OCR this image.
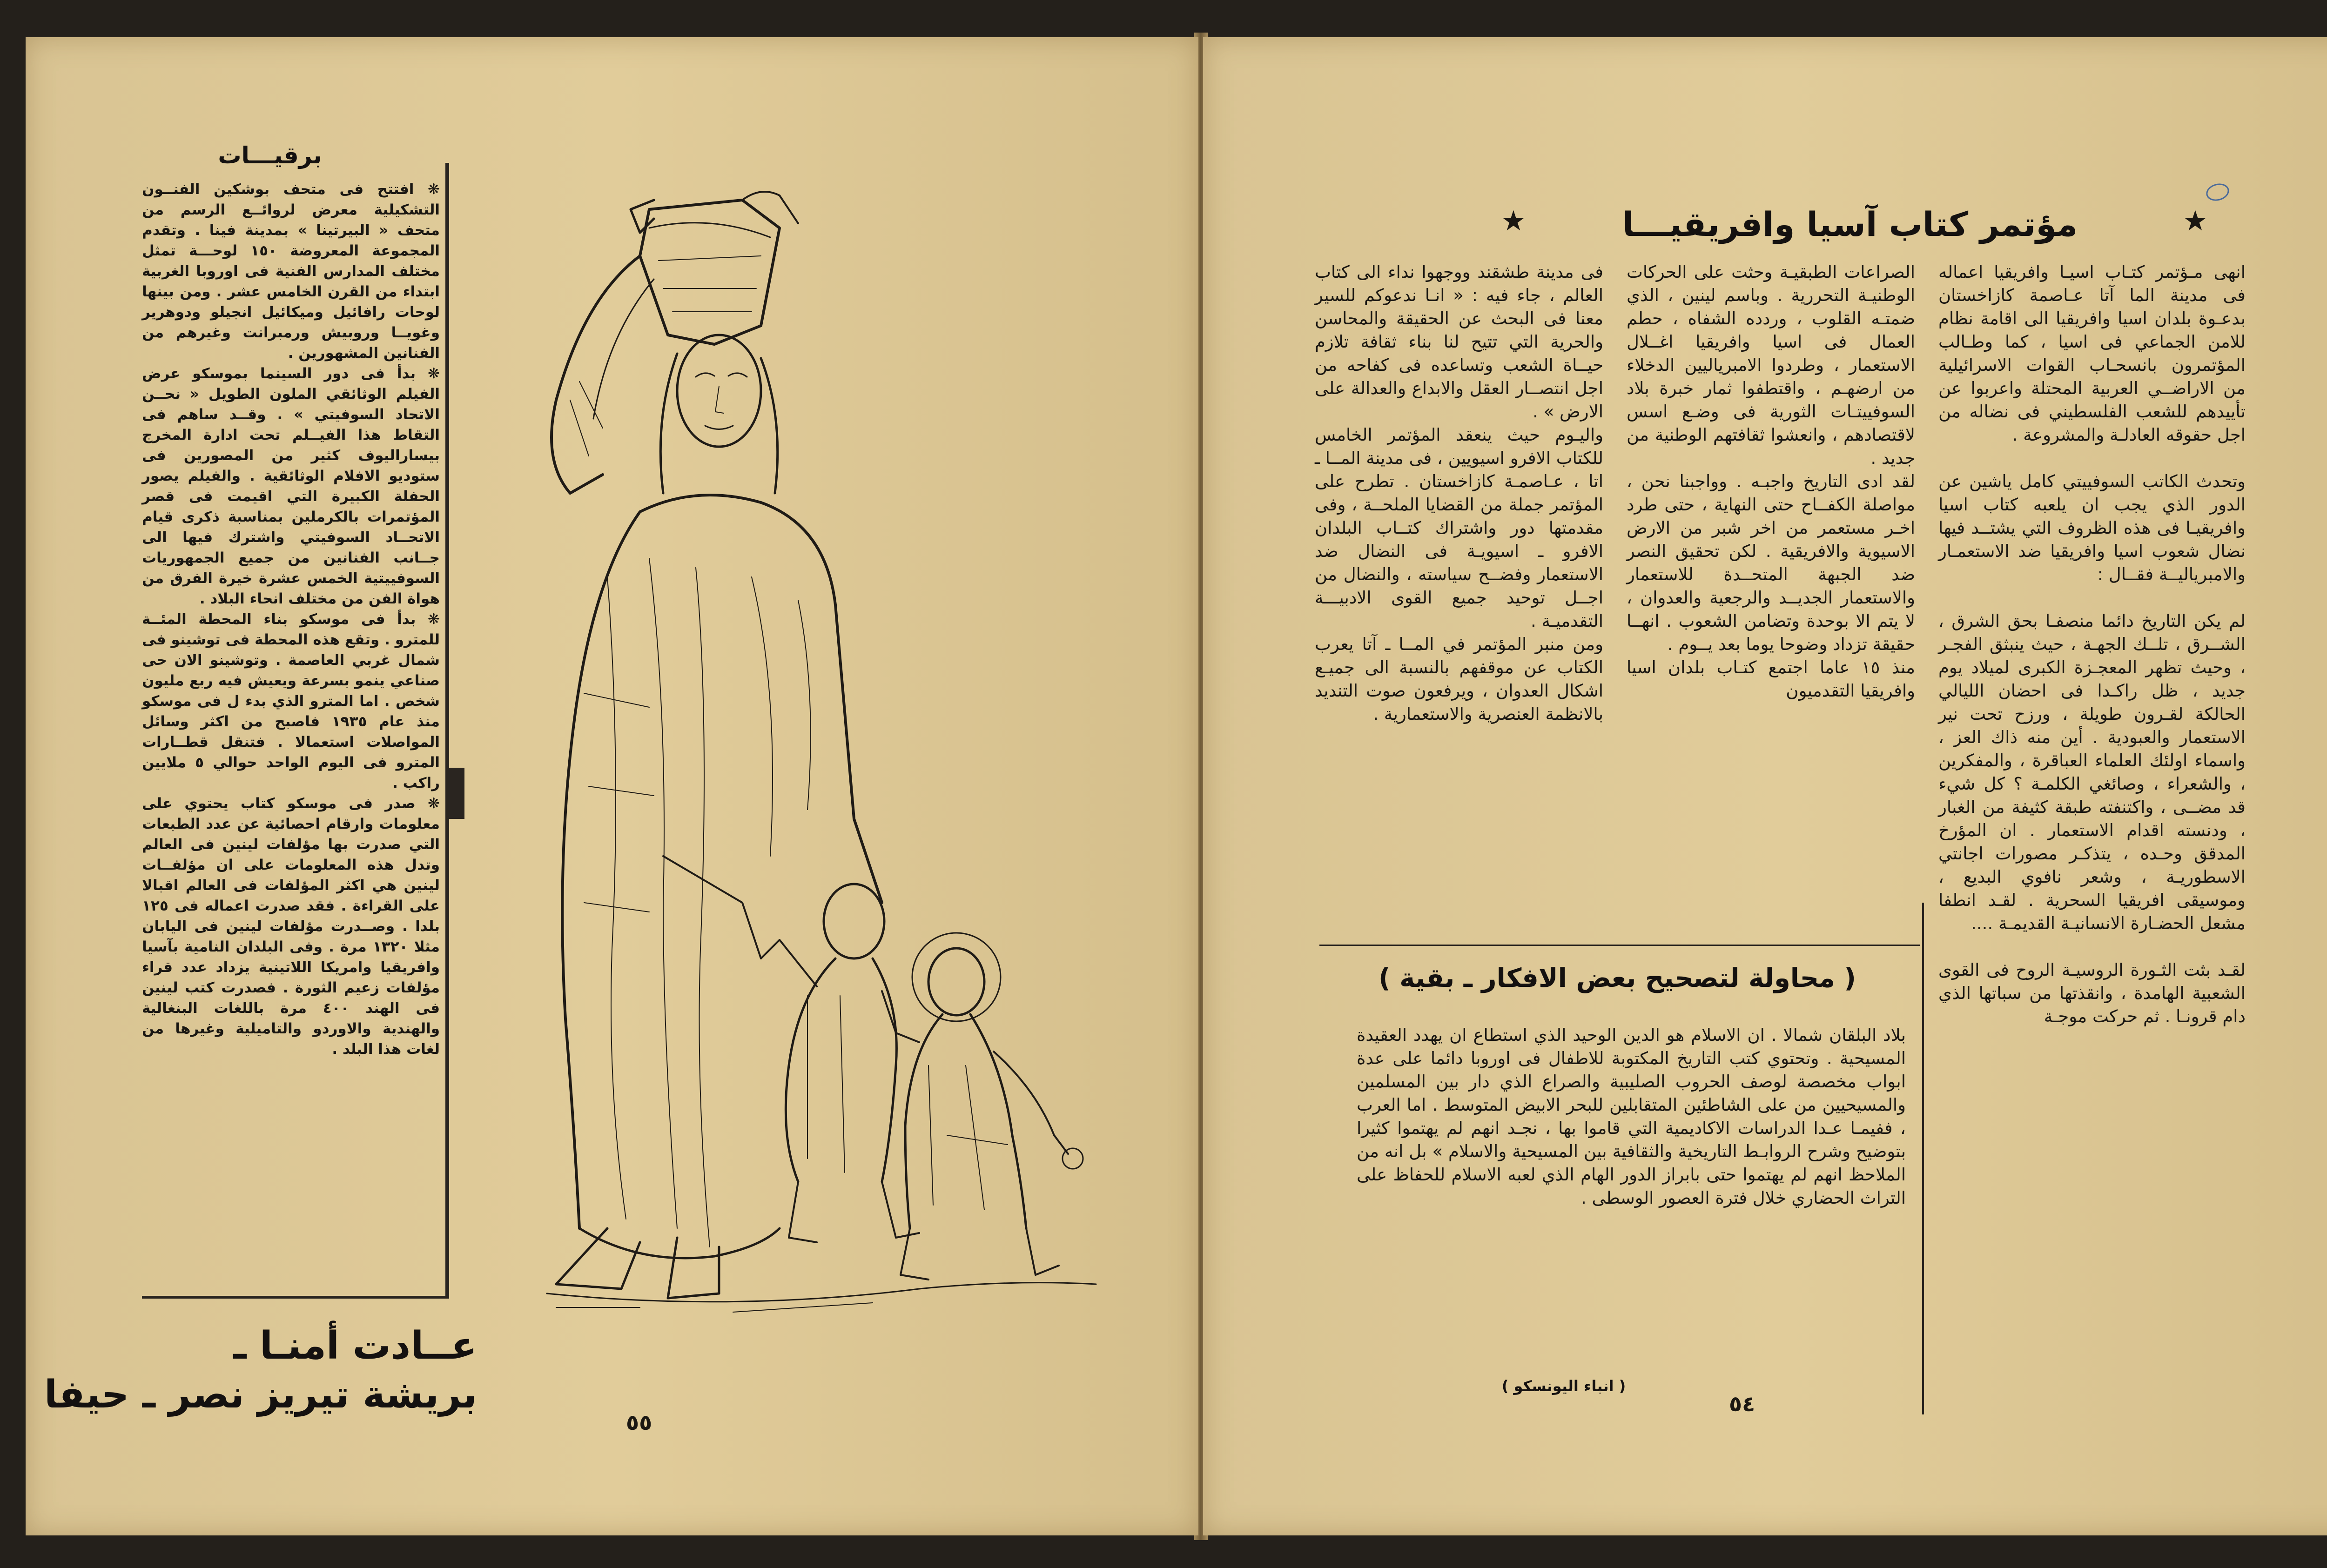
عــادت أمنـا ـ
بريشة تيريز نصر ـ حيفا
برقيـــات
❋ افتتح فى متحف بوشكين الفنــون التشكيلية معرض لروائــع الرسم من متحف « البيرتينا » بمدينة فينا . وتقدم المجموعة المعروضة ١٥٠ لوحـــة تمثل مختلف المدارس الفنية فى اوروبا الغربية ابتداء من القرن الخامس عشر . ومن بينها لوحات رافائيل وميكائيل انجيلو ودوهرير وغويــا وروبيش ورمبرانت وغيرهم من الفنانين المشهورين .
❋ بدأ فى دور السينما بموسكو عرض الفيلم الوثائقي الملون الطويل « نحــن الاتحاد السوفيتي » . وقــد ساهم فى التقاط هذا الفيــلم تحت ادارة المخرج بيساراليوف كثير من المصورين فى ستوديو الافلام الوثائقية . والفيلم يصور الحفلة الكبيرة التي اقيمت فى قصر المؤتمرات بالكرملين بمناسبة ذكرى قيام الاتحــاد السوفيتي واشترك فيها الى جــانب الفنانين من جميع الجمهوريات السوفييتية الخمس عشرة خيرة الفرق من هواة الفن من مختلف انحاء البلاد .
❋ بدأ فى موسكو بناء المحطة المئــة للمترو . وتقع هذه المحطة فى توشينو فى شمال غربي العاصمة . وتوشينو الان حى صناعي ينمو بسرعة ويعيش فيه ربع مليون شخص . اما المترو الذي بدء ل فى موسكو منذ عام ١٩٣٥ فاصبح من اكثر وسائل المواصلات استعمالا . فتنقل قطــارات المترو فى اليوم الواحد حوالي ٥ ملايين راكب .
❋ صدر فى موسكو كتاب يحتوي على معلومات وارقام احصائية عن عدد الطبعات التي صدرت بها مؤلفات لينين فى العالم وتدل هذه المعلومات على ان مؤلفــات لينين هي اكثر المؤلفات فى العالم اقبالا على القراءة . فقد صدرت اعماله فى ١٢٥ بلدا . وصــدرت مؤلفات لينين فى اليابان مثلا ١٣٢٠ مرة . وفى البلدان النامية بآسيا وافريقيا وامريكا اللاتينية يزداد عدد قراء مؤلفات زعيم الثورة . فصدرت كتب لينين فى الهند ٤٠٠ مرة باللغات البنغالية والهندية والاوردو والتاميلية وغيرها من لغات هذا البلد .
٥٥
★	مؤتمر كتاب آسيا وافريقيـــا	★
انهى مـؤتمر كتـاب اسيـا وافريقيا اعماله فى مدينة الما آتا عـاصمة كازاخستان بدعـوة بلدان اسيا وافريقيا الى اقامة نظام للامن الجماعي فى اسيا ، كما وطـالب المؤتمرون بانسحـاب القوات الاسرائيلية من الاراضــي العربية المحتلة واعربوا عن تأييدهم للشعب الفلسطيني فى نضاله من اجل حقوقه العادلـة والمشروعة .

وتحدث الكاتب السوفييتي كامل ياشين عن الدور الذي يجب ان يلعبه كتاب اسيا وافريقيـا فى هذه الظروف التي يشتــد فيها نضال شعوب اسيا وافريقيا ضد الاستعمـار والامبرياليــة فقــال :

لم يكن التاريخ دائما منصفـا بحق الشرق ، الشــرق ، تلــك الجهـة ، حيث ينبثق الفجـر ، وحيث تظهر المعجـزة الكبرى لميلاد يوم جديد ، ظل راكـدا فى احضان الليالي الحالكة لقـرون طويلة ، ورزح تحت نير الاستعمار والعبودية . أين منه ذاك العز ، واسماء اولئك العلماء العباقرة ، والمفكرين ، والشعراء ، وصائغي الكلمـة ؟ كل شيء قد مضــى ، واكتنفته طبقة كثيفة من الغبار ، ودنسته اقدام الاستعمار . ان المؤرخ المدقق وحـده ، يتذكـر مصورات اجانتي الاسطوريـة ، وشعر نافوي البديع ، وموسيقى افريقيا السحرية . لقـد انطفا مشعل الحضـارة الانسانيـة القديمـة ....

لقـد بثت الثـورة الروسيـة الروح فى القوى الشعبية الهامدة ، وانقذتها من سباتها الذي دام قرونـا . ثم حركت موجـة
الصراعات الطبقيـة وحثت على الحركات الوطنيـة التحررية . وباسم لينين ، الذي ضمتـه القلوب ، وردده الشفاه ، حطم العمال فى اسيا وافريقيا اغــلال الاستعمار ، وطردوا الامبرياليين الدخلاء من ارضهـم ، واقتطفوا ثمار خبرة بلاد السوفييتـات الثورية فى وضـع اسس لاقتصادهم ، وانعشوا ثقافتهم الوطنية من جديد .
لقد ادى التاريخ واجبـه . وواجبنا نحن ، مواصلة الكفــاح حتى النهاية ، حتى طرد اخـر مستعمر من اخر شبر من الارض الاسيوية والافريقية . لكن تحقيق النصر ضد الجبهة المتحــدة للاستعمار والاستعمار الجديــد والرجعية والعدوان ، لا يتم الا بوحدة وتضامن الشعوب . انهــا حقيقة تزداد وضوحا يوما بعد يــوم .
منذ ١٥ عاما اجتمع كتـاب بلدان اسيا وافريقيا التقدميون
فى مدينة طشقند ووجهوا نداء الى كتاب العالم ، جاء فيه : « انـا ندعوكم للسير معنا فى البحث عن الحقيقة والمحاسن والحرية التي تتيح لنا بناء ثقافة تلازم حيــاة الشعب وتساعده فى كفاحه من اجل انتصــار العقل والابداع والعدالة على الارض » .
واليـوم حيث ينعقد المؤتمر الخامس للكتاب الافرو اسيويين ، فى مدينة المــا ـ اتا ، عـاصمـة كازاخستان . تطرح على المؤتمر جملة من القضايا الملحــة ، وفى مقدمتها دور واشتراك كتــاب البلدان الافرو ـ اسيويـة فى النضال ضد الاستعمار وفضــح سياسته ، والنضال من اجــل توحيد جميع القوى الادبيـــة التقدميـة .
ومن منبر المؤتمر في المــا ـ آتا يعرب الكتاب عن موقفهم بالنسبة الى جميـع اشكال العدوان ، ويرفعون صوت التنديد بالانظمة العنصرية والاستعمارية .
( محاولة لتصحيح بعض الافكار ـ بقية )
بلاد البلقان شمالا . ان الاسلام هو الدين الوحيد الذي استطاع ان يهدد العقيدة المسيحية . وتحتوي كتب التاريخ المكتوبة للاطفال فى اوروبا دائما على عدة ابواب مخصصة لوصف الحروب الصليبية والصراع الذي دار بين المسلمين والمسيحيين من على الشاطئين المتقابلين للبحر الابيض المتوسط . اما العرب ، ففيمـا عـدا الدراسات الاكاديمية التي قاموا بها ، نجـد انهم لم يهتموا كثيرا بتوضيح وشرح الروابـط التاريخية والثقافية بين المسيحية والاسلام » بل انه من الملاحظ انهم لم يهتموا حتى بابراز الدور الهام الذي لعبه الاسلام للحفاظ على التراث الحضاري خلال فترة العصور الوسطى .
( انباء اليونسكو )
٥٤
